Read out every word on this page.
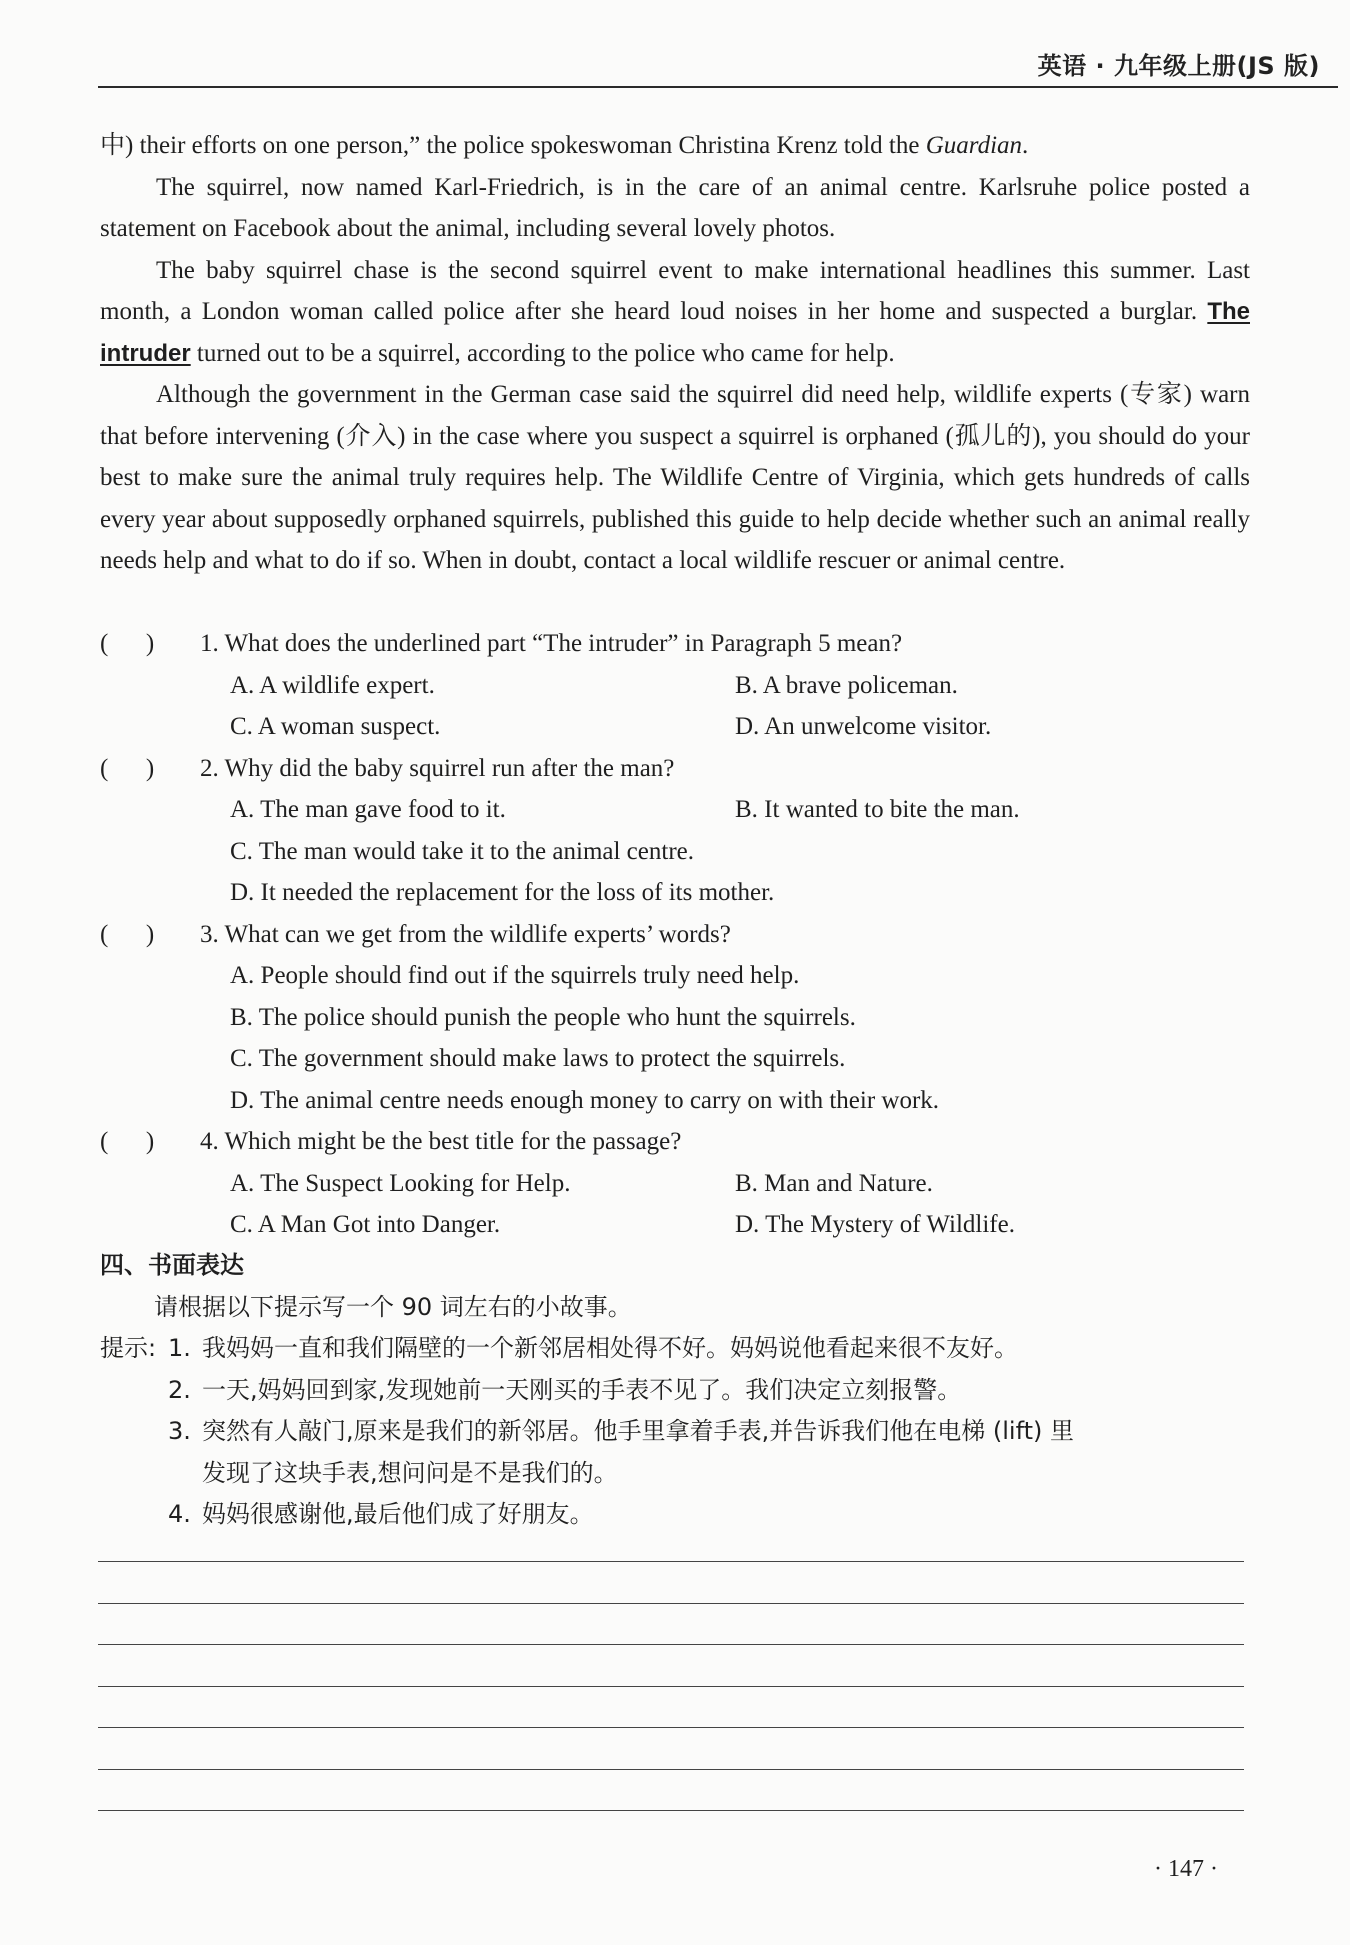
英语 · 九年级上册(JS 版)

中) their efforts on one person,” the police spokeswoman Christina Krenz told the Guardian.

The squirrel, now named Karl-Friedrich, is in the care of an animal centre. Karlsruhe police posted a statement on Facebook about the animal, including several lovely photos.

The baby squirrel chase is the second squirrel event to make international headlines this summer. Last month, a London woman called police after she heard loud noises in her home and suspected a burglar. The intruder turned out to be a squirrel, according to the police who came for help.

Although the government in the German case said the squirrel did need help, wildlife experts (专家) warn that before intervening (介入) in the case where you suspect a squirrel is orphaned (孤儿的), you should do your best to make sure the animal truly requires help. The Wildlife Centre of Virginia, which gets hundreds of calls every year about supposedly orphaned squirrels, published this guide to help decide whether such an animal really needs help and what to do if so. When in doubt, contact a local wildlife rescuer or animal centre.

(      )	1. What does the underlined part “The intruder” in Paragraph 5 mean?
A. A wildlife expert.	B. A brave policeman.
C. A woman suspect.	D. An unwelcome visitor.
(      )	2. Why did the baby squirrel run after the man?
A. The man gave food to it.	B. It wanted to bite the man.
C. The man would take it to the animal centre.
D. It needed the replacement for the loss of its mother.
(      )	3. What can we get from the wildlife experts’ words?
A. People should find out if the squirrels truly need help.
B. The police should punish the people who hunt the squirrels.
C. The government should make laws to protect the squirrels.
D. The animal centre needs enough money to carry on with their work.
(      )	4. Which might be the best title for the passage?
A. The Suspect Looking for Help.	B. Man and Nature.
C. A Man Got into Danger.	D. The Mystery of Wildlife.
四、书面表达
请根据以下提示写一个 90 词左右的小故事。
提示: 1. 我妈妈一直和我们隔壁的一个新邻居相处得不好。妈妈说他看起来很不友好。
2. 一天,妈妈回到家,发现她前一天刚买的手表不见了。我们决定立刻报警。
3. 突然有人敲门,原来是我们的新邻居。他手里拿着手表,并告诉我们他在电梯 (lift) 里
发现了这块手表,想问问是不是我们的。
4. 妈妈很感谢他,最后他们成了好朋友。
· 147 ·
